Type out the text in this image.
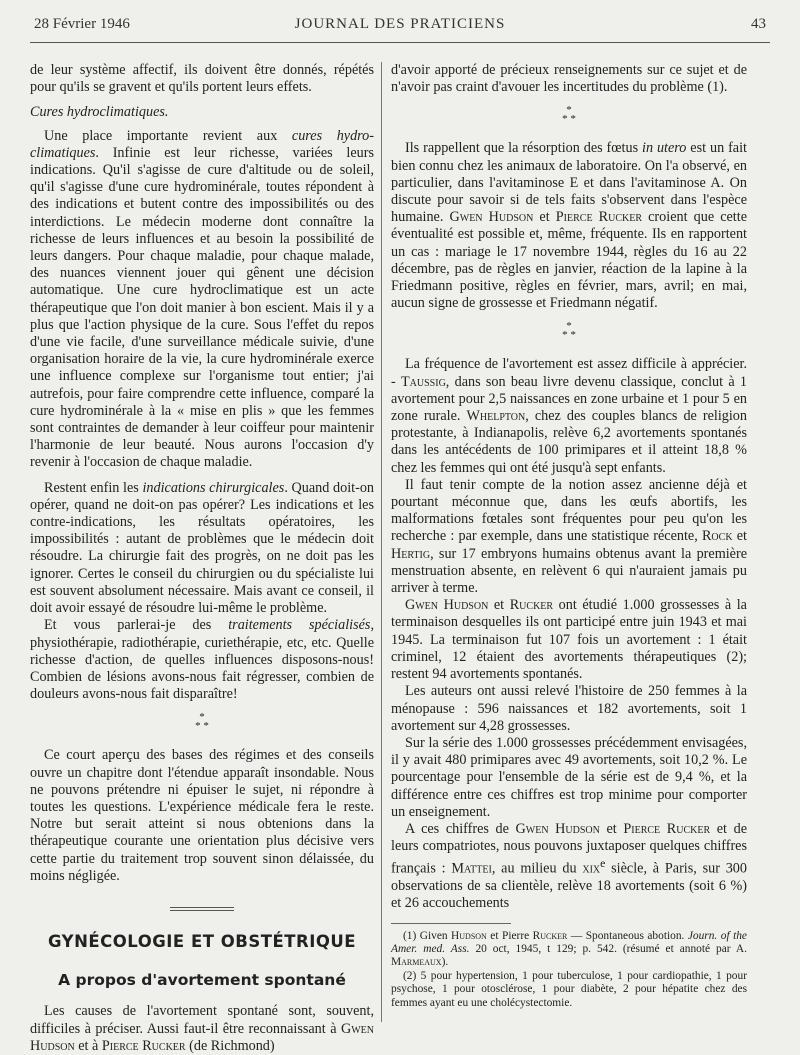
28 Février 1946	JOURNAL DES PRATICIENS	43

de leur système affectif, ils doivent être donnés, répétés pour qu'ils se gravent et qu'ils portent leurs effets.

Cures hydroclimatiques.

Une place importante revient aux cures hydro-climatiques. Infinie est leur richesse, variées leurs indications. Qu'il s'agisse de cure d'altitude ou de soleil, qu'il s'agisse d'une cure hydrominérale, toutes répondent à des indications et butent contre des impossibilités ou des interdictions. Le médecin moderne dont connaître la richesse de leurs influences et au besoin la possibilité de leurs dangers. Pour chaque maladie, pour chaque malade, des nuances viennent jouer qui gênent une décision automatique. Une cure hydroclimatique est un acte thérapeutique que l'on doit manier à bon escient. Mais il y a plus que l'action physique de la cure. Sous l'effet du repos d'une vie facile, d'une surveillance médicale suivie, d'une organisation horaire de la vie, la cure hydrominérale exerce une influence complexe sur l'organisme tout entier; j'ai autrefois, pour faire comprendre cette influence, comparé la cure hydrominérale à la « mise en plis » que les femmes sont contraintes de demander à leur coiffeur pour maintenir l'harmonie de leur beauté. Nous aurons l'occasion d'y revenir à l'occasion de chaque maladie.

Restent enfin les indications chirurgicales. Quand doit-on opérer, quand ne doit-on pas opérer? Les indications et les contre-indications, les résultats opératoires, les impossibilités : autant de problèmes que le médecin doit résoudre. La chirurgie fait des progrès, on ne doit pas les ignorer. Certes le conseil du chirurgien ou du spécialiste lui est souvent absolument nécessaire. Mais avant ce conseil, il doit avoir essayé de résoudre lui-même le problème.

Et vous parlerai-je des traitements spécialisés, physiothérapie, radiothérapie, curiethérapie, etc, etc. Quelle richesse d'action, de quelles influences disposons-nous! Combien de lésions avons-nous fait régresser, combien de douleurs avons-nous fait disparaître!

*
* *

Ce court aperçu des bases des régimes et des conseils ouvre un chapitre dont l'étendue apparaît insondable. Nous ne pouvons prétendre ni épuiser le sujet, ni répondre à toutes les questions. L'expérience médicale fera le reste. Notre but serait atteint si nous obtenions dans la thérapeutique courante une orientation plus décisive vers cette partie du traitement trop souvent sinon délaissée, du moins négligée.

GYNÉCOLOGIE ET OBSTÉTRIQUE

A propos d'avortement spontané

Les causes de l'avortement spontané sont, souvent, difficiles à préciser. Aussi faut-il être reconnaissant à Gwen Hudson et à Pierce Rucker (de Richmond)

d'avoir apporté de précieux renseignements sur ce sujet et de n'avoir pas craint d'avouer les incertitudes du problème (1).

*
* *

Ils rappellent que la résorption des fœtus in utero est un fait bien connu chez les animaux de laboratoire. On l'a observé, en particulier, dans l'avitaminose E et dans l'avitaminose A. On discute pour savoir si de tels faits s'observent dans l'espèce humaine. Gwen Hudson et Pierce Rucker croient que cette éventualité est possible et, même, fréquente. Ils en rapportent un cas : mariage le 17 novembre 1944, règles du 16 au 22 décembre, pas de règles en janvier, réaction de la lapine à la Friedmann positive, règles en février, mars, avril; en mai, aucun signe de grossesse et Friedmann négatif.

*
* *

La fréquence de l'avortement est assez difficile à apprécier. - Taussig, dans son beau livre devenu classique, conclut à 1 avortement pour 2,5 naissances en zone urbaine et 1 pour 5 en zone rurale. Whelpton, chez des couples blancs de religion protestante, à Indianapolis, relève 6,2 avortements spontanés dans les antécédents de 100 primipares et il atteint 18,8 % chez les femmes qui ont été jusqu'à sept enfants.

Il faut tenir compte de la notion assez ancienne déjà et pourtant méconnue que, dans les œufs abortifs, les malformations fœtales sont fréquentes pour peu qu'on les recherche : par exemple, dans une statistique récente, Rock et Hertig, sur 17 embryons humains obtenus avant la première menstruation absente, en relèvent 6 qui n'auraient jamais pu arriver à terme.

Gwen Hudson et Rucker ont étudié 1.000 grossesses à la terminaison desquelles ils ont participé entre juin 1943 et mai 1945. La terminaison fut 107 fois un avortement : 1 était criminel, 12 étaient des avortements thérapeutiques (2); restent 94 avortements spontanés.

Les auteurs ont aussi relevé l'histoire de 250 femmes à la ménopause : 596 naissances et 182 avortements, soit 1 avortement sur 4,28 grossesses.

Sur la série des 1.000 grossesses précédemment envisagées, il y avait 480 primipares avec 49 avortements, soit 10,2 %. Le pourcentage pour l'ensemble de la série est de 9,4 %, et la différence entre ces chiffres est trop minime pour comporter un enseignement.

A ces chiffres de Gwen Hudson et Pierce Rucker et de leurs compatriotes, nous pouvons juxtaposer quelques chiffres français : Mattei, au milieu du xix$^e$ siècle, à Paris, sur 300 observations de sa clientèle, relève 18 avortements (soit 6 %) et 26 accouchements

(1) Given Hudson et Pierre Rucker — Spontaneous abotion. Journ. of the Amer. med. Ass. 20 oct, 1945, t 129; p. 542. (résumé et annoté par A. Marmeaux).

(2) 5 pour hypertension, 1 pour tuberculose, 1 pour cardiopathie, 1 pour psychose, 1 pour otosclérose, 1 pour diabète, 2 pour hépatite chez des femmes ayant eu une cholécystectomie.
